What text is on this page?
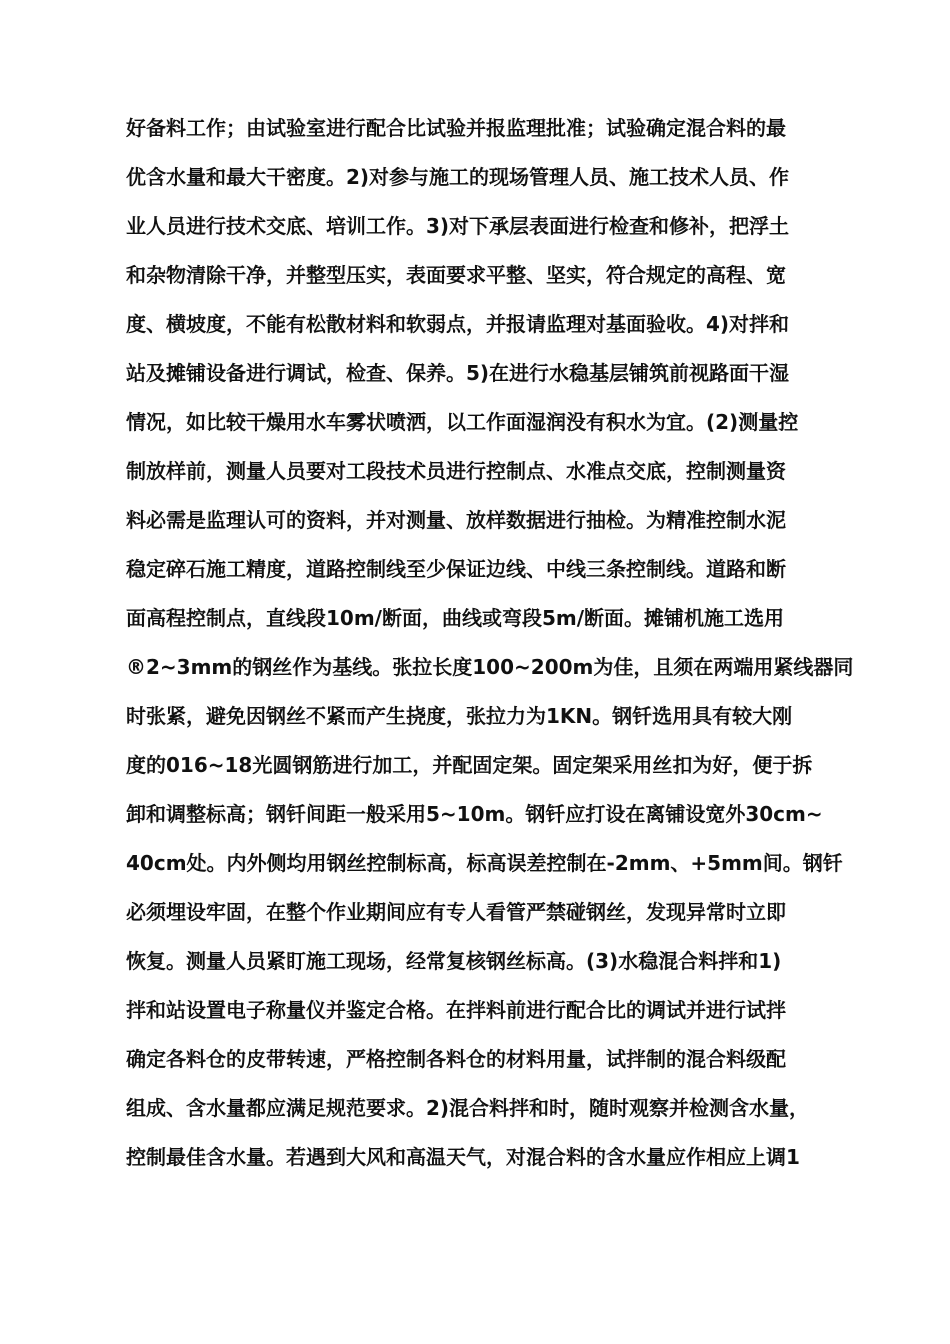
好备料工作；由试验室进行配合比试验并报监理批准；试验确定混合料的最
优含水量和最大干密度。2)对参与施工的现场管理人员、施工技术人员、作
业人员进行技术交底、培训工作。3)对下承层表面进行检查和修补，把浮土
和杂物清除干净，并整型压实，表面要求平整、坚实，符合规定的高程、宽
度、横坡度，不能有松散材料和软弱点，并报请监理对基面验收。4)对拌和
站及摊铺设备进行调试，检查、保养。5)在进行水稳基层铺筑前视路面干湿
情况，如比较干燥用水车雾状喷洒，以工作面湿润没有积水为宜。(2)测量控
制放样前，测量人员要对工段技术员进行控制点、水准点交底，控制测量资
料必需是监理认可的资料，并对测量、放样数据进行抽检。为精准控制水泥
稳定碎石施工精度，道路控制线至少保证边线、中线三条控制线。道路和断
面高程控制点，直线段10m/断面，曲线或弯段5m/断面。摊铺机施工选用
®2~3mm的钢丝作为基线。张拉长度100~200m为佳，且须在两端用紧线器同
时张紧，避免因钢丝不紧而产生挠度，张拉力为1KN。钢钎选用具有较大刚
度的016~18光圆钢筋进行加工，并配固定架。固定架采用丝扣为好，便于拆
卸和调整标高；钢钎间距一般采用5~10m。钢钎应打设在离铺设宽外30cm~
40cm处。内外侧均用钢丝控制标高，标高误差控制在-2mm、+5mm间。钢钎
必须埋设牢固，在整个作业期间应有专人看管严禁碰钢丝，发现异常时立即
恢复。测量人员紧盯施工现场，经常复核钢丝标高。(3)水稳混合料拌和1)
拌和站设置电子称量仪并鉴定合格。在拌料前进行配合比的调试并进行试拌
确定各料仓的皮带转速，严格控制各料仓的材料用量，试拌制的混合料级配
组成、含水量都应满足规范要求。2)混合料拌和时，随时观察并检测含水量，
控制最佳含水量。若遇到大风和高温天气，对混合料的含水量应作相应上调1
